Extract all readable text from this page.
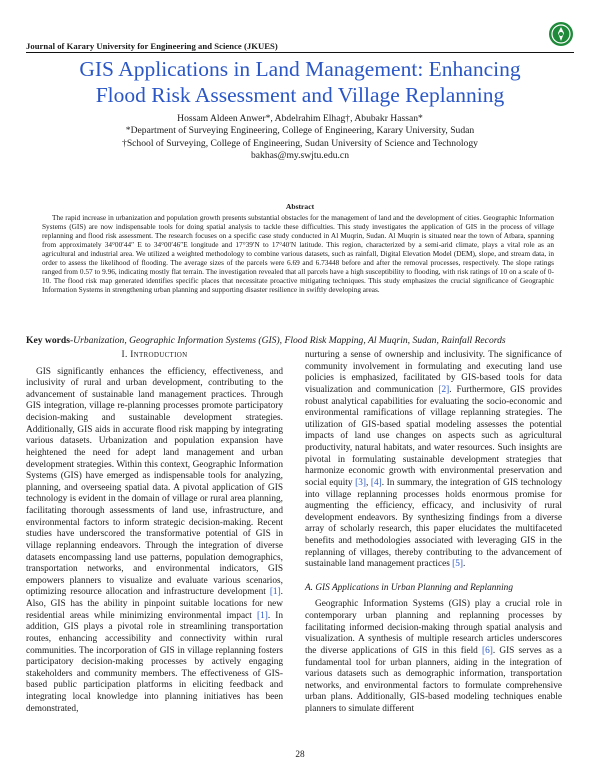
Journal of Karary University for Engineering and Science (JKUES)
GIS Applications in Land Management: Enhancing
Flood Risk Assessment and Village Replanning
Hossam Aldeen Anwer*, Abdelrahim Elhag†, Abubakr Hassan*
*Department of Surveying Engineering, College of Engineering, Karary University, Sudan
†School of Surveying, College of Engineering, Sudan University of Science and Technology
bakhas@my.swjtu.edu.cn
Abstract
The rapid increase in urbanization and population growth presents substantial obstacles for the management of land and the development of cities. Geographic Information Systems (GIS) are now indispensable tools for doing spatial analysis to tackle these difficulties. This study investigates the application of GIS in the process of village replanning and flood risk assessment. The research focuses on a specific case study conducted in Al Muqrin, Sudan. Al Muqrin is situated near the town of Atbara, spanning from approximately 34°00′44″ E to 34°00′46″E longitude and 17°39′N to 17°40′N latitude. This region, characterized by a semi-arid climate, plays a vital role as an agricultural and industrial area. We utilized a weighted methodology to combine various datasets, such as rainfall, Digital Elevation Model (DEM), slope, and stream data, in order to assess the likelihood of flooding. The average sizes of the parcels were 6.69 and 6.73448 before and after the removal processes, respectively. The slope ratings ranged from 0.57 to 9.96, indicating mostly flat terrain. The investigation revealed that all parcels have a high susceptibility to flooding, with risk ratings of 10 on a scale of 0-10. The flood risk map generated identifies specific places that necessitate proactive mitigating techniques. This study emphasizes the crucial significance of Geographic Information Systems in strengthening urban planning and supporting disaster resilience in swiftly developing areas.
Key words-Urbanization, Geographic Information Systems (GIS), Flood Risk Mapping, Al Muqrin, Sudan, Rainfall Records

I. Introduction

GIS significantly enhances the efficiency, effectiveness, and inclusivity of rural and urban development, contributing to the advancement of sustainable land management practices. Through GIS integration, village re-planning processes promote participatory decision-making and sustainable development strategies. Additionally, GIS aids in accurate flood risk mapping by integrating various datasets. Urbanization and population expansion have heightened the need for adept land management and urban development strategies. Within this context, Geographic Information Systems (GIS) have emerged as indispensable tools for analyzing, planning, and overseeing spatial data. A pivotal application of GIS technology is evident in the domain of village or rural area planning, facilitating thorough assessments of land use, infrastructure, and environmental factors to inform strategic decision-making. Recent studies have underscored the transformative potential of GIS in village replanning endeavors. Through the integration of diverse datasets encompassing land use patterns, population demographics, transportation networks, and environmental indicators, GIS empowers planners to visualize and evaluate various scenarios, optimizing resource allocation and infrastructure development [1]. Also, GIS has the ability in pinpoint suitable locations for new residential areas while minimizing environmental impact [1]. In addition, GIS plays a pivotal role in streamlining transportation routes, enhancing accessibility and connectivity within rural communities. The incorporation of GIS in village replanning fosters participatory decision-making processes by actively engaging stakeholders and community members. The effectiveness of GIS-based public participation platforms in eliciting feedback and integrating local knowledge into planning initiatives has been demonstrated,

nurturing a sense of ownership and inclusivity. The significance of community involvement in formulating and executing land use policies is emphasized, facilitated by GIS-based tools for data visualization and communication [2]. Furthermore, GIS provides robust analytical capabilities for evaluating the socio-economic and environmental ramifications of village replanning strategies. The utilization of GIS-based spatial modeling assesses the potential impacts of land use changes on aspects such as agricultural productivity, natural habitats, and water resources. Such insights are pivotal in formulating sustainable development strategies that harmonize economic growth with environmental preservation and social equity [3], [4]. In summary, the integration of GIS technology into village replanning processes holds enormous promise for augmenting the efficiency, efficacy, and inclusivity of rural development endeavors. By synthesizing findings from a diverse array of scholarly research, this paper elucidates the multifaceted benefits and methodologies associated with leveraging GIS in the replanning of villages, thereby contributing to the advancement of sustainable land management practices [5].

A. GIS Applications in Urban Planning and Replanning

Geographic Information Systems (GIS) play a crucial role in contemporary urban planning and replanning processes by facilitating informed decision-making through spatial analysis and visualization. A synthesis of multiple research articles underscores the diverse applications of GIS in this field [6]. GIS serves as a fundamental tool for urban planners, aiding in the integration of various datasets such as demographic information, transportation networks, and environmental factors to formulate comprehensive urban plans. Additionally, GIS-based modeling techniques enable planners to simulate different

28
